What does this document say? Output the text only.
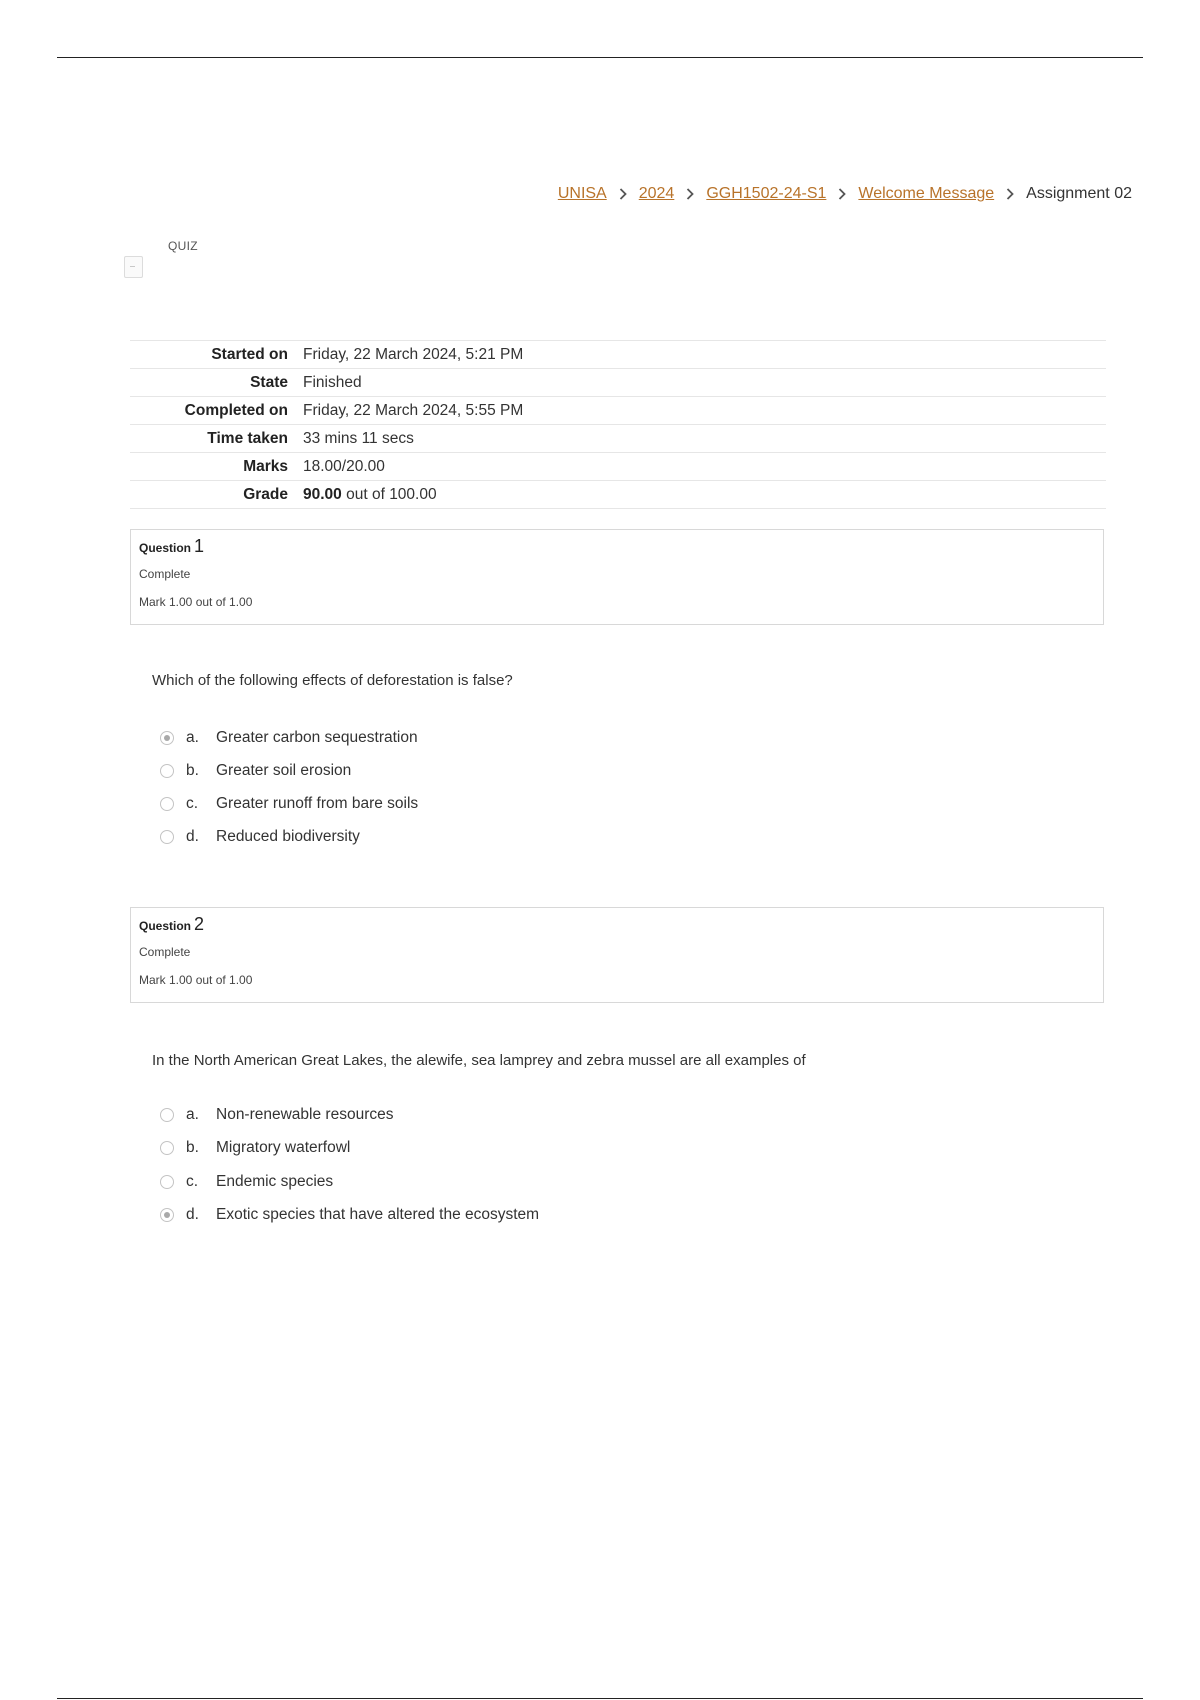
UNISA 2024 GGH1502-24-S1 Welcome Message Assignment 02
QUIZ
Started on	Friday, 22 March 2024, 5:21 PM
State	Finished
Completed on	Friday, 22 March 2024, 5:55 PM
Time taken	33 mins 11 secs
Marks	18.00/20.00
Grade	90.00 out of 100.00
Question 1
Complete
Mark 1.00 out of 1.00
Which of the following effects of deforestation is false?
a.	Greater carbon sequestration
b.	Greater soil erosion
c.	Greater runoff from bare soils
d.	Reduced biodiversity
Question 2
Complete
Mark 1.00 out of 1.00
In the North American Great Lakes, the alewife, sea lamprey and zebra mussel are all examples of
a.	Non-renewable resources
b.	Migratory waterfowl
c.	Endemic species
d.	Exotic species that have altered the ecosystem
